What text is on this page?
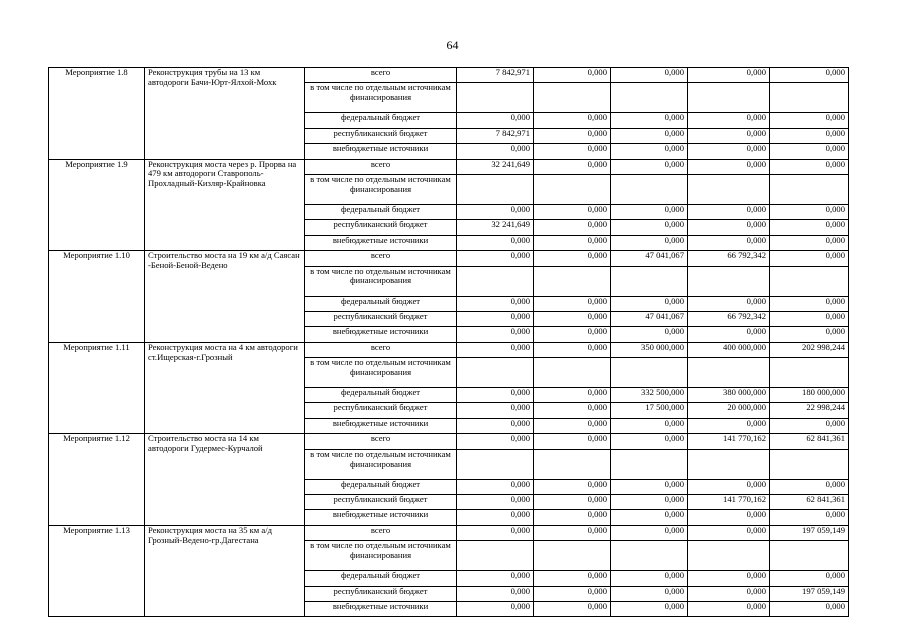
64
Мероприятие 1.8	Реконструкция трубы на 13 км автодороги Бачи-Юрт-Ялхой-Мохк	всего	7 842,971	0,000	0,000	0,000	0,000
		в том числе по отдельным источникам финансирования					
		федеральный бюджет	0,000	0,000	0,000	0,000	0,000
		республиканский бюджет	7 842,971	0,000	0,000	0,000	0,000
		внебюджетные источники	0,000	0,000	0,000	0,000	0,000
Мероприятие 1.9	Реконструкция моста через р. Прорва на 479 км автодороги Ставрополь-Прохладный-Кизляр-Крайновка	всего	32 241,649	0,000	0,000	0,000	0,000
		в том числе по отдельным источникам финансирования					
		федеральный бюджет	0,000	0,000	0,000	0,000	0,000
		республиканский бюджет	32 241,649	0,000	0,000	0,000	0,000
		внебюджетные источники	0,000	0,000	0,000	0,000	0,000
Мероприятие 1.10	Строительство моста на 19 км а/д Саясан -Беной-Беной-Ведено	всего	0,000	0,000	47 041,067	66 792,342	0,000
		в том числе по отдельным источникам финансирования					
		федеральный бюджет	0,000	0,000	0,000	0,000	0,000
		республиканский бюджет	0,000	0,000	47 041,067	66 792,342	0,000
		внебюджетные источники	0,000	0,000	0,000	0,000	0,000
Мероприятие 1.11	Реконструкция моста на 4 км автодороги ст.Ищерская-г.Грозный	всего	0,000	0,000	350 000,000	400 000,000	202 998,244
		в том числе по отдельным источникам финансирования					
		федеральный бюджет	0,000	0,000	332 500,000	380 000,000	180 000,000
		республиканский бюджет	0,000	0,000	17 500,000	20 000,000	22 998,244
		внебюджетные источники	0,000	0,000	0,000	0,000	0,000
Мероприятие 1.12	Строительство моста на 14 км автодороги Гудермес-Курчалой	всего	0,000	0,000	0,000	141 770,162	62 841,361
		в том числе по отдельным источникам финансирования					
		федеральный бюджет	0,000	0,000	0,000	0,000	0,000
		республиканский бюджет	0,000	0,000	0,000	141 770,162	62 841,361
		внебюджетные источники	0,000	0,000	0,000	0,000	0,000
Мероприятие 1.13	Реконструкция моста на 35 км а/д Грозный-Ведено-гр.Дагестана	всего	0,000	0,000	0,000	0,000	197 059,149
		в том числе по отдельным источникам финансирования					
		федеральный бюджет	0,000	0,000	0,000	0,000	0,000
		республиканский бюджет	0,000	0,000	0,000	0,000	197 059,149
		внебюджетные источники	0,000	0,000	0,000	0,000	0,000
